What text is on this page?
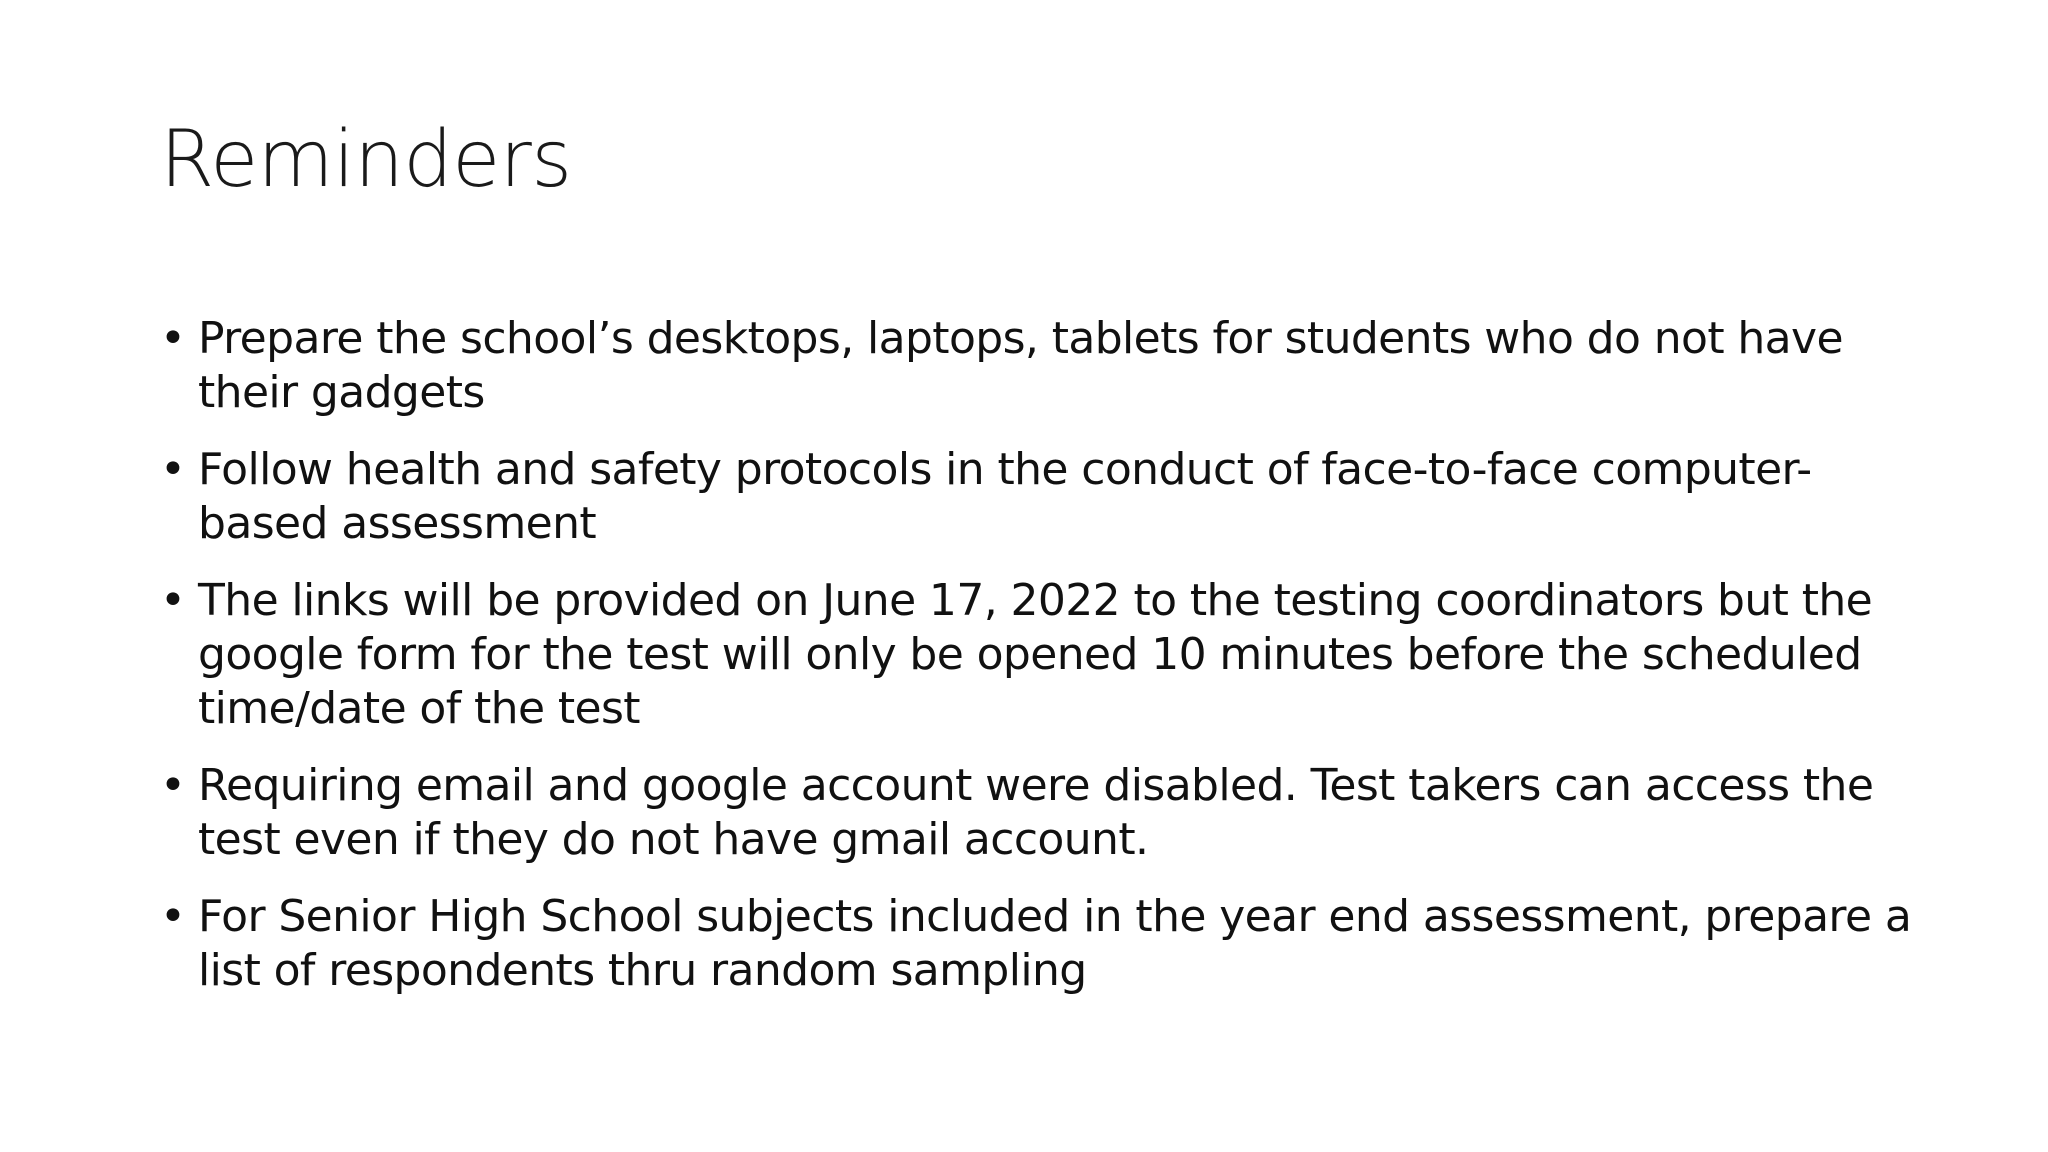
Reminders
• Prepare the school’s desktops, laptops, tablets for students who do not have their gadgets
• Follow health and safety protocols in the conduct of face-to-face computer-based assessment
• The links will be provided on June 17, 2022 to the testing coordinators but the google form for the test will only be opened 10 minutes before the scheduled time/date of the test
• Requiring email and google account were disabled. Test takers can access the test even if they do not have gmail account.
• For Senior High School subjects included in the year end assessment, prepare a list of respondents thru random sampling
